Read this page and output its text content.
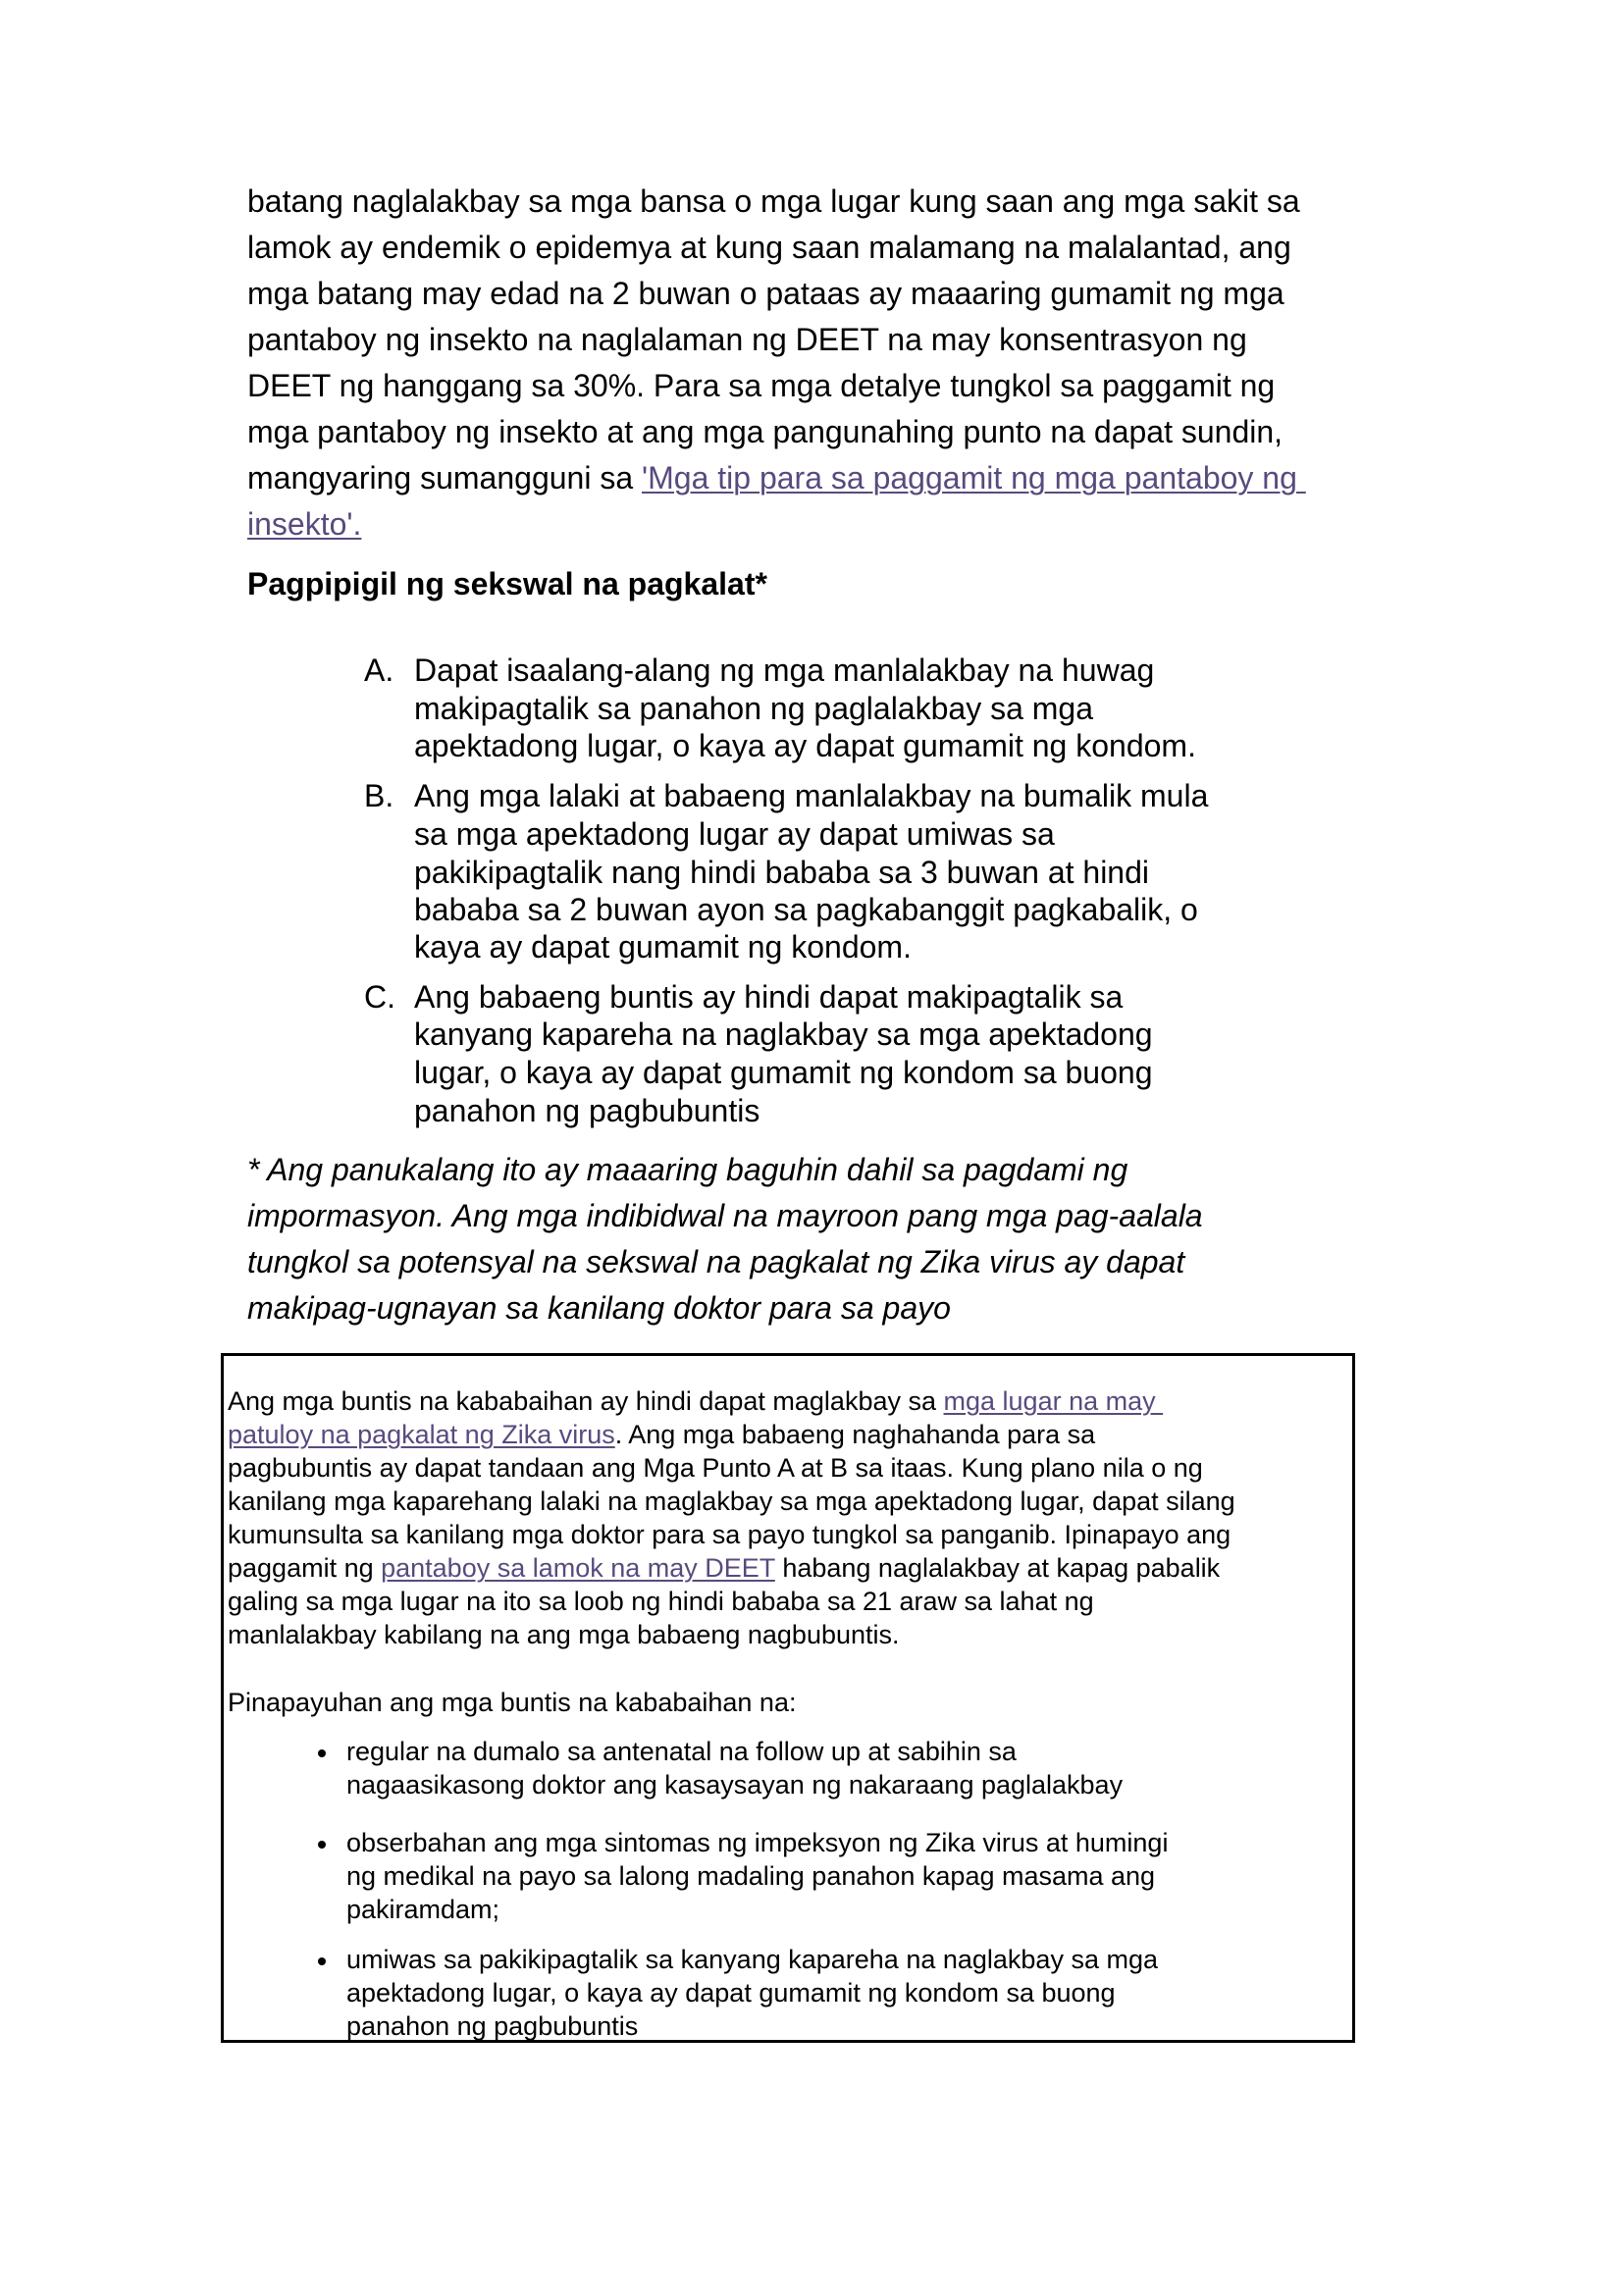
batang naglalakbay sa mga bansa o mga lugar kung saan ang mga sakit sa
lamok ay endemik o epidemya at kung saan malamang na malalantad, ang
mga batang may edad na 2 buwan o pataas ay maaaring gumamit ng mga
pantaboy ng insekto na naglalaman ng DEET na may konsentrasyon ng
DEET ng hanggang sa 30%. Para sa mga detalye tungkol sa paggamit ng
mga pantaboy ng insekto at ang mga pangunahing punto na dapat sundin,
mangyaring sumangguni sa 'Mga tip para sa paggamit ng mga pantaboy ng
insekto'.
Pagpipigil ng sekswal na pagkalat*
A. Dapat isaalang-alang ng mga manlalakbay na huwag
makipagtalik sa panahon ng paglalakbay sa mga
apektadong lugar, o kaya ay dapat gumamit ng kondom.
B. Ang mga lalaki at babaeng manlalakbay na bumalik mula
sa mga apektadong lugar ay dapat umiwas sa
pakikipagtalik nang hindi bababa sa 3 buwan at hindi
bababa sa 2 buwan ayon sa pagkabanggit pagkabalik, o
kaya ay dapat gumamit ng kondom.
C. Ang babaeng buntis ay hindi dapat makipagtalik sa
kanyang kapareha na naglakbay sa mga apektadong
lugar, o kaya ay dapat gumamit ng kondom sa buong
panahon ng pagbubuntis
* Ang panukalang ito ay maaaring baguhin dahil sa pagdami ng
impormasyon. Ang mga indibidwal na mayroon pang mga pag-aalala
tungkol sa potensyal na sekswal na pagkalat ng Zika virus ay dapat
makipag-ugnayan sa kanilang doktor para sa payo
Ang mga buntis na kababaihan ay hindi dapat maglakbay sa mga lugar na may
patuloy na pagkalat ng Zika virus. Ang mga babaeng naghahanda para sa
pagbubuntis ay dapat tandaan ang Mga Punto A at B sa itaas. Kung plano nila o ng
kanilang mga kaparehang lalaki na maglakbay sa mga apektadong lugar, dapat silang
kumunsulta sa kanilang mga doktor para sa payo tungkol sa panganib. Ipinapayo ang
paggamit ng pantaboy sa lamok na may DEET habang naglalakbay at kapag pabalik
galing sa mga lugar na ito sa loob ng hindi bababa sa 21 araw sa lahat ng
manlalakbay kabilang na ang mga babaeng nagbubuntis.
Pinapayuhan ang mga buntis na kababaihan na:
regular na dumalo sa antenatal na follow up at sabihin sa
nagaasikasong doktor ang kasaysayan ng nakaraang paglalakbay
obserbahan ang mga sintomas ng impeksyon ng Zika virus at humingi
ng medikal na payo sa lalong madaling panahon kapag masama ang
pakiramdam;
umiwas sa pakikipagtalik sa kanyang kapareha na naglakbay sa mga
apektadong lugar, o kaya ay dapat gumamit ng kondom sa buong
panahon ng pagbubuntis
